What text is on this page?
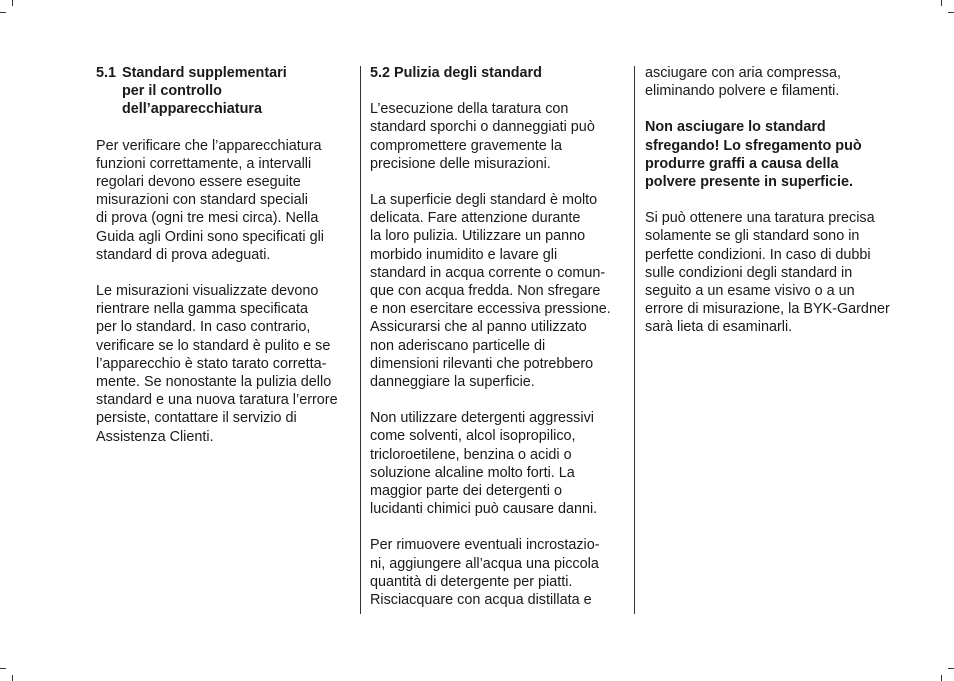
5.1 Standard supplementari
per il controllo
dell’apparecchiatura

Per verificare che l’apparecchiatura
funzioni correttamente, a intervalli
regolari devono essere eseguite
misurazioni con standard speciali
di prova (ogni tre mesi circa). Nella
Guida agli Ordini sono specificati gli
standard di prova adeguati.

Le misurazioni visualizzate devono
rientrare nella gamma specificata
per lo standard. In caso contrario,
verificare se lo standard è pulito e se
l’apparecchio è stato tarato corretta-
mente. Se nonostante la pulizia dello
standard e una nuova taratura l’errore
persiste, contattare il servizio di
Assistenza Clienti.

5.2 Pulizia degli standard

L’esecuzione della taratura con
standard sporchi o danneggiati può
compromettere gravemente la
precisione delle misurazioni.

La superficie degli standard è molto
delicata. Fare attenzione durante
la loro pulizia. Utilizzare un panno
morbido inumidito e lavare gli
standard in acqua corrente o comun-
que con acqua fredda. Non sfregare
e non esercitare eccessiva pressione.
Assicurarsi che al panno utilizzato
non aderiscano particelle di
dimensioni rilevanti che potrebbero
danneggiare la superficie.

Non utilizzare detergenti aggressivi
come solventi, alcol isopropilico,
tricloroetilene, benzina o acidi o
soluzione alcaline molto forti. La
maggior parte dei detergenti o
lucidanti chimici può causare danni.

Per rimuovere eventuali incrostazio-
ni, aggiungere all’acqua una piccola
quantità di detergente per piatti.
Risciacquare con acqua distillata e

asciugare con aria compressa,
eliminando polvere e filamenti.

Non asciugare lo standard
sfregando! Lo sfregamento può
produrre graffi a causa della
polvere presente in superficie.

Si può ottenere una taratura precisa
solamente se gli standard sono in
perfette condizioni. In caso di dubbi
sulle condizioni degli standard in
seguito a un esame visivo o a un
errore di misurazione, la BYK-Gardner
sarà lieta di esaminarli.
